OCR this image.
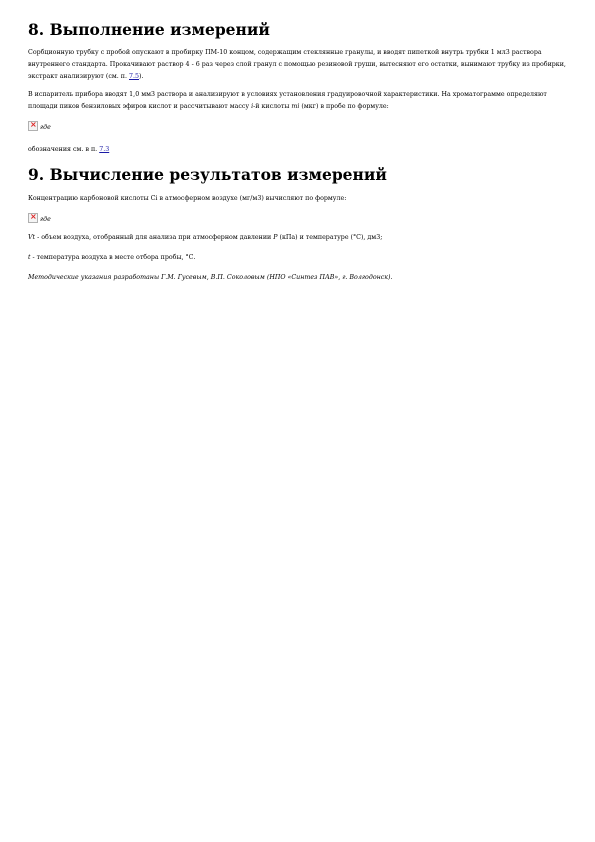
8. Выполнение измерений

Сорбционную трубку с пробой опускают в пробирку ПМ-10 концом, содержащим стеклянные гранулы, и вводят пипеткой внутрь трубки 1 мл3 раствора внутреннего стандарта. Прокачивают раствор 4 - 6 раз через слой гранул с помощью резиновой груши, вытесняют его остатки, вынимают трубку из пробирки, экстракт анализируют (см. п. 7.5).

В испаритель прибора вводят 1,0 мм3 раствора и анализируют в условиях установления градуировочной характеристики. На хроматограмме определяют площади пиков бензиловых эфиров кислот и рассчитывают массу i-й кислоты mi (мкг) в пробе по формуле:

× где

обозначения см. в п. 7.3

9. Вычисление результатов измерений

Концентрацию карбоновой кислоты Сi в атмосферном воздухе (мг/м3) вычисляют по формуле:

× где

Vt - объем воздуха, отобранный для анализа при атмосферном давлении P (кПа) и температуре (°С), дм3;

t - температура воздуха в месте отбора пробы, °С.

Методические указания разработаны Г.М. Гусевым, В.П. Соколовым (НПО «Синтез ПАВ», г. Волгодонск).
